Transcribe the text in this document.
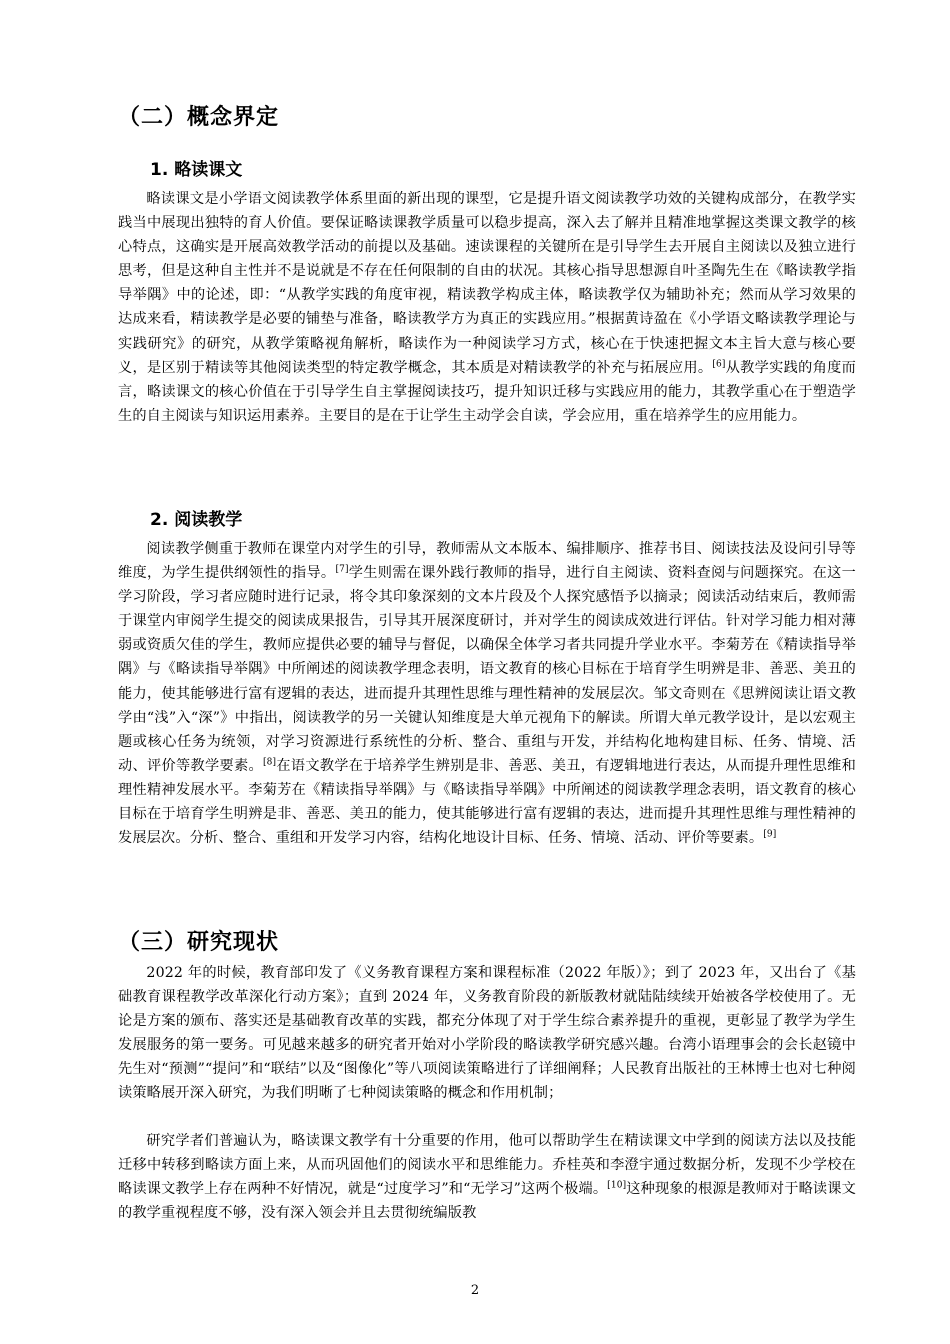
（二）概念界定
1. 略读课文
略读课文是小学语文阅读教学体系里面的新出现的课型，它是提升语文阅读教学功效的关键构成部分，在教学实践当中展现出独特的育人价值。要保证略读课教学质量可以稳步提高，深入去了解并且精准地掌握这类课文教学的核心特点，这确实是开展高效教学活动的前提以及基础。速读课程的关键所在是引导学生去开展自主阅读以及独立进行思考，但是这种自主性并不是说就是不存在任何限制的自由的状况。其核心指导思想源自叶圣陶先生在《略读教学指导举隅》中的论述，即：“从教学实践的角度审视，精读教学构成主体，略读教学仅为辅助补充；然而从学习效果的达成来看，精读教学是必要的铺垫与准备，略读教学方为真正的实践应用。”根据黄诗盈在《小学语文略读教学理论与实践研究》的研究，从教学策略视角解析，略读作为一种阅读学习方式，核心在于快速把握文本主旨大意与核心要义，是区别于精读等其他阅读类型的特定教学概念，其本质是对精读教学的补充与拓展应用。[6]从教学实践的角度而言，略读课文的核心价值在于引导学生自主掌握阅读技巧，提升知识迁移与实践应用的能力，其教学重心在于塑造学生的自主阅读与知识运用素养。主要目的是在于让学生主动学会自读，学会应用，重在培养学生的应用能力。
2. 阅读教学
阅读教学侧重于教师在课堂内对学生的引导，教师需从文本版本、编排顺序、推荐书目、阅读技法及设问引导等维度，为学生提供纲领性的指导。[7]学生则需在课外践行教师的指导，进行自主阅读、资料查阅与问题探究。在这一学习阶段，学习者应随时进行记录，将令其印象深刻的文本片段及个人探究感悟予以摘录；阅读活动结束后，教师需于课堂内审阅学生提交的阅读成果报告，引导其开展深度研讨，并对学生的阅读成效进行评估。针对学习能力相对薄弱或资质欠佳的学生，教师应提供必要的辅导与督促，以确保全体学习者共同提升学业水平。李菊芳在《精读指导举隅》与《略读指导举隅》中所阐述的阅读教学理念表明，语文教育的核心目标在于培育学生明辨是非、善恶、美丑的能力，使其能够进行富有逻辑的表达，进而提升其理性思维与理性精神的发展层次。邹文奇则在《思辨阅读让语文教学由“浅”入“深”》中指出，阅读教学的另一关键认知维度是大单元视角下的解读。所谓大单元教学设计，是以宏观主题或核心任务为统领，对学习资源进行系统性的分析、整合、重组与开发，并结构化地构建目标、任务、情境、活动、评价等教学要素。[8]在语文教学在于培养学生辨别是非、善恶、美丑，有逻辑地进行表达，从而提升理性思维和理性精神发展水平。李菊芳在《精读指导举隅》与《略读指导举隅》中所阐述的阅读教学理念表明，语文教育的核心目标在于培育学生明辨是非、善恶、美丑的能力，使其能够进行富有逻辑的表达，进而提升其理性思维与理性精神的发展层次。分析、整合、重组和开发学习内容，结构化地设计目标、任务、情境、活动、评价等要素。[9]
（三）研究现状
2022 年的时候，教育部印发了《义务教育课程方案和课程标准（2022 年版）》；到了 2023 年，又出台了《基础教育课程教学改革深化行动方案》；直到 2024 年，义务教育阶段的新版教材就陆陆续续开始被各学校使用了。无论是方案的颁布、落实还是基础教育改革的实践，都充分体现了对于学生综合素养提升的重视，更彰显了教学为学生发展服务的第一要务。可见越来越多的研究者开始对小学阶段的略读教学研究感兴趣。台湾小语理事会的会长赵镜中先生对“预测”“提问”和“联结”以及“图像化”等八项阅读策略进行了详细阐释；人民教育出版社的王林博士也对七种阅读策略展开深入研究，为我们明晰了七种阅读策略的概念和作用机制；
研究学者们普遍认为，略读课文教学有十分重要的作用，他可以帮助学生在精读课文中学到的阅读方法以及技能迁移中转移到略读方面上来，从而巩固他们的阅读水平和思维能力。乔桂英和李澄宇通过数据分析，发现不少学校在略读课文教学上存在两种不好情况，就是“过度学习”和“无学习”这两个极端。[10]这种现象的根源是教师对于略读课文的教学重视程度不够，没有深入领会并且去贯彻统编版教
2
